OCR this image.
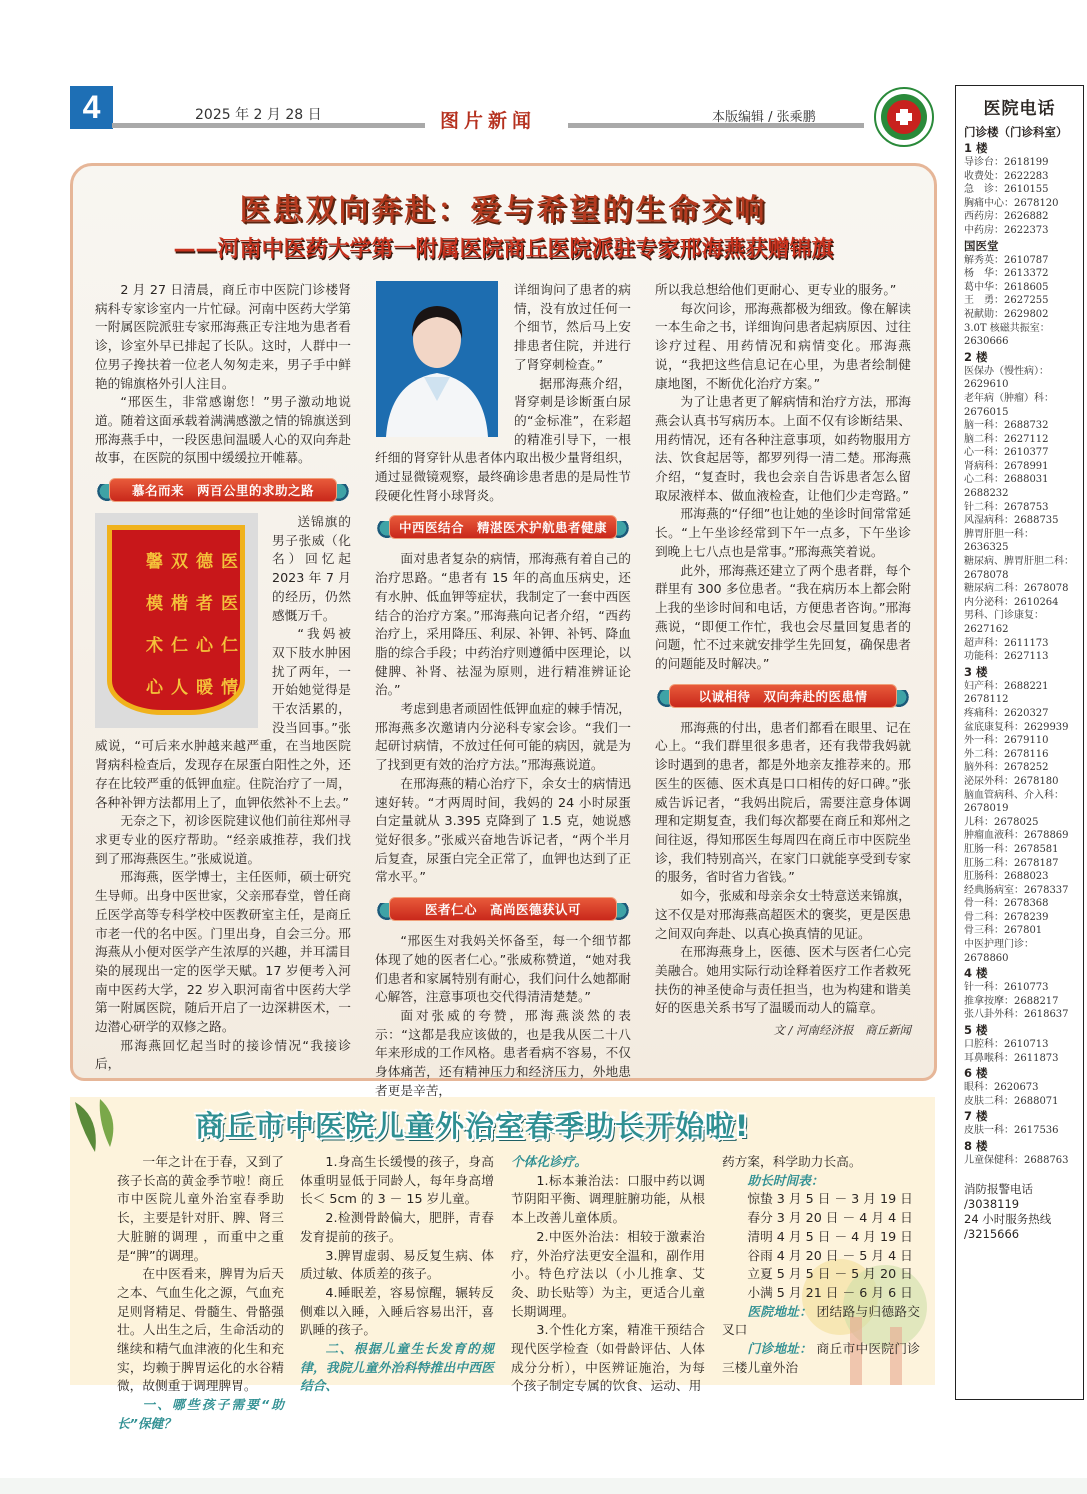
4	2025 年 2 月 28 日	图片新闻	本版编辑 / 张乘鹏
医患双向奔赴：爱与希望的生命交响
——河南中医药大学第一附属医院商丘医院派驻专家邢海燕获赠锦旗

2 月 27 日清晨，商丘市中医院门诊楼肾病科专家诊室内一片忙碌。河南中医药大学第一附属医院派驻专家邢海燕正专注地为患者看诊，诊室外早已排起了长队。这时，人群中一位男子搀扶着一位老人匆匆走来，男子手中鲜艳的锦旗格外引人注目。

“邢医生，非常感谢您！”男子激动地说道。随着这面承载着满满感激之情的锦旗送到邢海燕手中，一段医患间温暖人心的双向奔赴故事，在医院的氛围中缓缓拉开帷幕。

慕名而来　两百公里的求助之路
医德双馨
医者楷模
仁心仁术
情暖人心

送锦旗的男子张威（化名）回忆起 2023 年 7 月的经历，仍然感慨万千。

“我妈被双下肢水肿困扰了两年，一开始她觉得是干农活累的，没当回事。”张威说，“可后来水肿越来越严重，在当地医院肾病科检查后，发现存在尿蛋白阳性之外，还存在比较严重的低钾血症。住院治疗了一周，各种补钾方法都用上了，血钾依然补不上去。”

无奈之下，初诊医院建议他们前往郑州寻求更专业的医疗帮助。“经亲戚推荐，我们找到了邢海燕医生。”张威说道。

邢海燕，医学博士，主任医师，硕士研究生导师。出身中医世家，父亲邢春堂，曾任商丘医学高等专科学校中医教研室主任，是商丘市老一代的名中医。门里出身，自会三分。邢海燕从小便对医学产生浓厚的兴趣，并耳濡目染的展现出一定的医学天赋。17 岁便考入河南中医药大学，22 岁入职河南省中医药大学第一附属医院，随后开启了一边深耕医术，一边潜心研学的双修之路。

邢海燕回忆起当时的接诊情况“我接诊后，

详细询问了患者的病情，没有放过任何一个细节，然后马上安排患者住院，并进行了肾穿刺检查。”

据邢海燕介绍，肾穿刺是诊断蛋白尿的“金标准”，在彩超的精准引导下，一根纤细的肾穿针从患者体内取出极少量肾组织，通过显微镜观察，最终确诊患者患的是局性节段硬化性肾小球肾炎。

中西医结合　精湛医术护航患者健康

面对患者复杂的病情，邢海燕有着自己的治疗思路。“患者有 15 年的高血压病史，还有水肿、低血钾等症状，我制定了一套中西医结合的治疗方案。”邢海燕向记者介绍，“西药治疗上，采用降压、利尿、补钾、补钙、降血脂的综合手段；中药治疗则遵循中医理论，以健脾、补肾、祛湿为原则，进行精准辨证论治。”

考虑到患者顽固性低钾血症的棘手情况，邢海燕多次邀请内分泌科专家会诊。“我们一起研讨病情，不放过任何可能的病因，就是为了找到更有效的治疗方法。”邢海燕说道。

在邢海燕的精心治疗下，余女士的病情迅速好转。“才两周时间，我妈的 24 小时尿蛋白定量就从 3.395 克降到了 1.5 克，她说感觉好很多。”张威兴奋地告诉记者，“两个半月后复查，尿蛋白完全正常了，血钾也达到了正常水平。”

医者仁心　高尚医德获认可

“邢医生对我妈关怀备至，每一个细节都体现了她的医者仁心。”张威称赞道，“她对我们患者和家属特别有耐心，我们问什么她都耐心解答，注意事项也交代得清清楚楚。”

面对张威的夸赞，邢海燕淡然的表示：“这都是我应该做的，也是我从医二十八年来形成的工作风格。患者看病不容易，不仅身体痛苦，还有精神压力和经济压力，外地患者更是辛苦，

所以我总想给他们更耐心、更专业的服务。”

每次问诊，邢海燕都极为细致。像在解读一本生命之书，详细询问患者起病原因、过往诊疗过程、用药情况和病情变化。邢海燕说，“我把这些信息记在心里，为患者绘制健康地图，不断优化治疗方案。”

为了让患者更了解病情和治疗方法，邢海燕会认真书写病历本。上面不仅有诊断结果、用药情况，还有各种注意事项，如药物服用方法、饮食起居等，都罗列得一清二楚。邢海燕介绍，“复查时，我也会亲自告诉患者怎么留取尿液样本、做血液检查，让他们少走弯路。”

邢海燕的“仔细”也让她的坐诊时间常常延长。“上午坐诊经常到下午一点多，下午坐诊到晚上七八点也是常事。”邢海燕笑着说。

此外，邢海燕还建立了两个患者群，每个群里有 300 多位患者。“我在病历本上都会附上我的坐诊时间和电话，方便患者咨询。”邢海燕说，“即便工作忙，我也会尽量回复患者的问题，忙不过来就安排学生先回复，确保患者的问题能及时解决。”

以诚相待　双向奔赴的医患情

邢海燕的付出，患者们都看在眼里、记在心上。“我们群里很多患者，还有我带我妈就诊时遇到的患者，都是外地亲友推荐来的。邢医生的医德、医术真是口口相传的好口碑。”张威告诉记者，“我妈出院后，需要注意身体调理和定期复查，我们每次都要在商丘和郑州之间往返，得知邢医生每周四在商丘市中医院坐诊，我们特别高兴，在家门口就能享受到专家的服务，省时省力省钱。”

如今，张威和母亲余女士特意送来锦旗，这不仅是对邢海燕高超医术的褒奖，更是医患之间双向奔赴、以真心换真情的见证。

在邢海燕身上，医德、医术与医者仁心完美融合。她用实际行动诠释着医疗工作者救死扶伤的神圣使命与责任担当，也为构建和谐美好的医患关系书写了温暖而动人的篇章。

文 / 河南经济报　商丘新闻
商丘市中医院儿童外治室春季助长开始啦!

一年之计在于春，又到了孩子长高的黄金季节啦！商丘市中医院儿童外治室春季助长，主要是针对肝、脾、肾三大脏腑的调理 ，而重中之重是“脾”的调理。

在中医看来，脾胃为后天之本、气血生化之源，气血充足则肾精足、骨髓生、骨骼强壮。人出生之后，生命活动的继续和精气血津液的化生和充实，均赖于脾胃运化的水谷精微，故侧重于调理脾胃。

一、哪些孩子需要“助长”保健？

1.身高生长缓慢的孩子，身高体重明显低于同龄人，每年身高增长＜ 5cm 的 3 － 15 岁儿童。

2.检测骨龄偏大，肥胖，青春发育提前的孩子。

3.脾胃虚弱、易反复生病、体质过敏、体质差的孩子。

4.睡眠差，容易惊醒，辗转反侧难以入睡，入睡后容易出汗，喜趴睡的孩子。

二、根据儿童生长发育的规律，我院儿童外治科特推出中西医结合、

个体化诊疗。

1.标本兼治法：口服中药以调节阴阳平衡、调理脏腑功能，从根本上改善儿童体质。

2.中医外治法：相较于激素治疗，外治疗法更安全温和，副作用小。特色疗法以（小儿推拿、艾灸、助长贴等）为主，更适合儿童长期调理。

3.个性化方案，精准干预结合现代医学检查（如骨龄评估、人体成分分析），中医辨证施治，为每个孩子制定专属的饮食、运动、用

药方案，科学助力长高。

助长时间表：

惊蛰 3 月 5 日 － 3 月 19 日

春分 3 月 20 日 － 4 月 4 日

清明 4 月 5 日 － 4 月 19 日

谷雨 4 月 20 日 － 5 月 4 日

立夏 5 月 5 日 － 5 月 20 日

小满 5 月 21 日 － 6 月 6 日

医院地址： 团结路与归德路交叉口

门诊地址： 商丘市中医院门诊三楼儿童外治

医院电话
门诊楼（门诊科室）
1 楼
导诊台：2618199
收费处：2622283
急　诊：2610155
胸痛中心：2678120
西药房：2626882
中药房：2622373
国医堂
解秀英：2610787
杨　华：2613372
葛中华：2618605
王　勇：2627255
祝献勋：2629802
3.0T 核磁共振室：2630666
2 楼
医保办（慢性病）：2629610
老年病（肿瘤）科：2676015
脑一科：2688732
脑二科：2627112
心一科：2610377
肾病科：2678991
心二科：2688031　2688232
针二科：2678753
风湿病科：2688735
脾胃肝胆一科：2636325
糖尿病、脾胃肝胆二科：2678078
糖尿病二科：2678078
内分泌科：2610264
男科、门诊康复：2627162
超声科：2611173
功能科：2627113
3 楼
妇产科：2688221　2678112
疼痛科：2620327
盆底康复科：2629939
外一科：2679110
外二科：2678116
脑外科：2678252
泌尿外科：2678180
脑血管病科、介入科：2678019
儿科：2678025
肿瘤血液科：2678869
肛肠一科：2678581
肛肠二科：2678187
肛肠科：2688023
经典肠病室：2678337
骨一科：2678368
骨二科：2678239
骨三科：267801
中医护理门诊：2678860
4 楼
针一科：2610773
推拿按摩：2688217
张八卦外科：2618637
5 楼
口腔科：2610713
耳鼻喉科：2611873
6 楼
眼科：2620673
皮肤二科：2688071
7 楼
皮肤一科：2617536
8 楼
儿童保健科：2688763
消防报警电话
/3038119
24 小时服务热线
/3215666
